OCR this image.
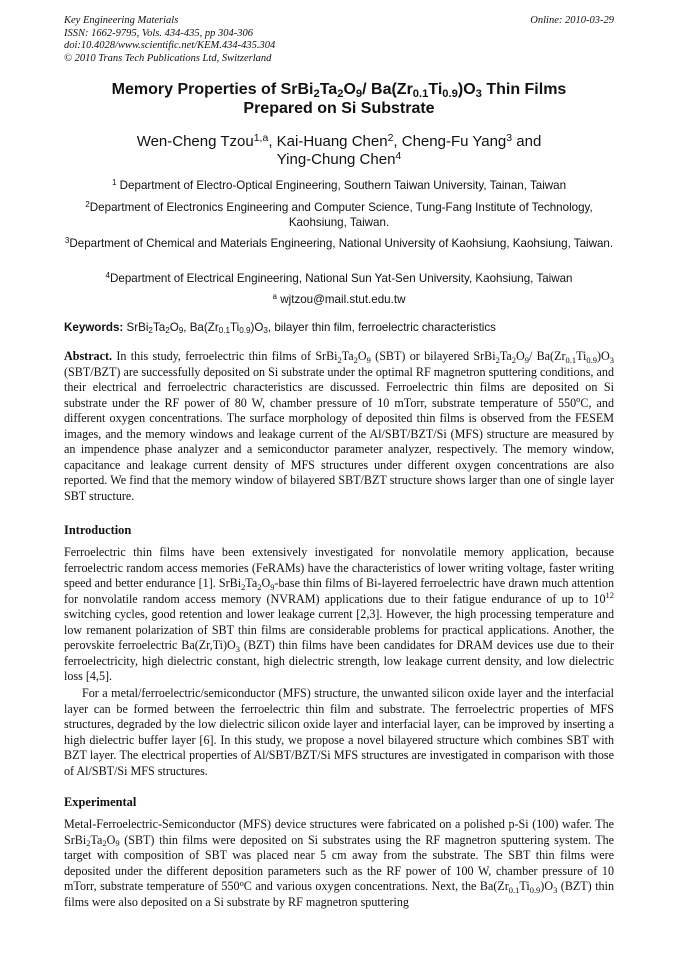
Key Engineering Materials
ISSN: 1662-9795, Vols. 434-435, pp 304-306
doi:10.4028/www.scientific.net/KEM.434-435.304
© 2010 Trans Tech Publications Ltd, Switzerland
Online: 2010-03-29
Memory Properties of $SrBi_2Ta_2O_9/$ $Ba(Zr_{0.1}Ti_{0.9})O_3$ Thin Films
Prepared on Si Substrate
Wen-Cheng Tzou$^{1,a}$, Kai-Huang Chen$^2$, Cheng-Fu Yang$^3$ and
Ying-Chung Chen$^4$
$^1$ Department of Electro-Optical Engineering, Southern Taiwan University, Tainan, Taiwan
$^2$Department of Electronics Engineering and Computer Science, Tung-Fang Institute of Technology, Kaohsiung, Taiwan.
$^3$Department of Chemical and Materials Engineering, National University of Kaohsiung, Kaohsiung, Taiwan.
$^4$Department of Electrical Engineering, National Sun Yat-Sen University, Kaohsiung, Taiwan
$^a$ wjtzou@mail.stut.edu.tw
Keywords: $SrBi_2Ta_2O_9$, $Ba(Zr_{0.1}Ti_{0.9})O_3$, bilayer thin film, ferroelectric characteristics
Abstract. In this study, ferroelectric thin films of $SrBi_2Ta_2O_9$ (SBT) or bilayered $SrBi_2Ta_2O_9/$ $Ba(Zr_{0.1}Ti_{0.9})O_3$ (SBT/BZT) are successfully deposited on Si substrate under the optimal RF magnetron sputtering conditions, and their electrical and ferroelectric characteristics are discussed. Ferroelectric thin films are deposited on Si substrate under the RF power of 80 W, chamber pressure of 10 mTorr, substrate temperature of 550$^o$C, and different oxygen concentrations. The surface morphology of deposited thin films is observed from the FESEM images, and the memory windows and leakage current of the Al/SBT/BZT/Si (MFS) structure are measured by an impendence phase analyzer and a semiconductor parameter analyzer, respectively. The memory window, capacitance and leakage current density of MFS structures under different oxygen concentrations are also reported. We find that the memory window of bilayered SBT/BZT structure shows larger than one of single layer SBT structure.
Introduction
Ferroelectric thin films have been extensively investigated for nonvolatile memory application, because ferroelectric random access memories (FeRAMs) have the characteristics of lower writing voltage, faster writing speed and better endurance [1]. $SrBi_2Ta_2O_9$-base thin films of Bi-layered ferroelectric have drawn much attention for nonvolatile random access memory (NVRAM) applications due to their fatigue endurance of up to $10^{12}$ switching cycles, good retention and lower leakage current [2,3]. However, the high processing temperature and low remanent polarization of SBT thin films are considerable problems for practical applications. Another, the perovskite ferroelectric $Ba(Zr,Ti)O_3$ (BZT) thin films have been candidates for DRAM devices use due to their ferroelectricity, high dielectric constant, high dielectric strength, low leakage current density, and low dielectric loss [4,5].
For a metal/ferroelectric/semiconductor (MFS) structure, the unwanted silicon oxide layer and the interfacial layer can be formed between the ferroelectric thin film and substrate. The ferroelectric properties of MFS structures, degraded by the low dielectric silicon oxide layer and interfacial layer, can be improved by inserting a high dielectric buffer layer [6]. In this study, we propose a novel bilayered structure which combines SBT with BZT layer. The electrical properties of Al/SBT/BZT/Si MFS structures are investigated in comparison with those of Al/SBT/Si MFS structures.
Experimental
Metal-Ferroelectric-Semiconductor (MFS) device structures were fabricated on a polished p-Si (100) wafer. The $SrBi_2Ta_2O_9$ (SBT) thin films were deposited on Si substrates using the RF magnetron sputtering system. The target with composition of SBT was placed near 5 cm away from the substrate. The SBT thin films were deposited under the different deposition parameters such as the RF power of 100 W, chamber pressure of 10 mTorr, substrate temperature of 550$^o$C and various oxygen concentrations. Next, the $Ba(Zr_{0.1}Ti_{0.9})O_3$ (BZT) thin films were also deposited on a Si substrate by RF magnetron sputtering
